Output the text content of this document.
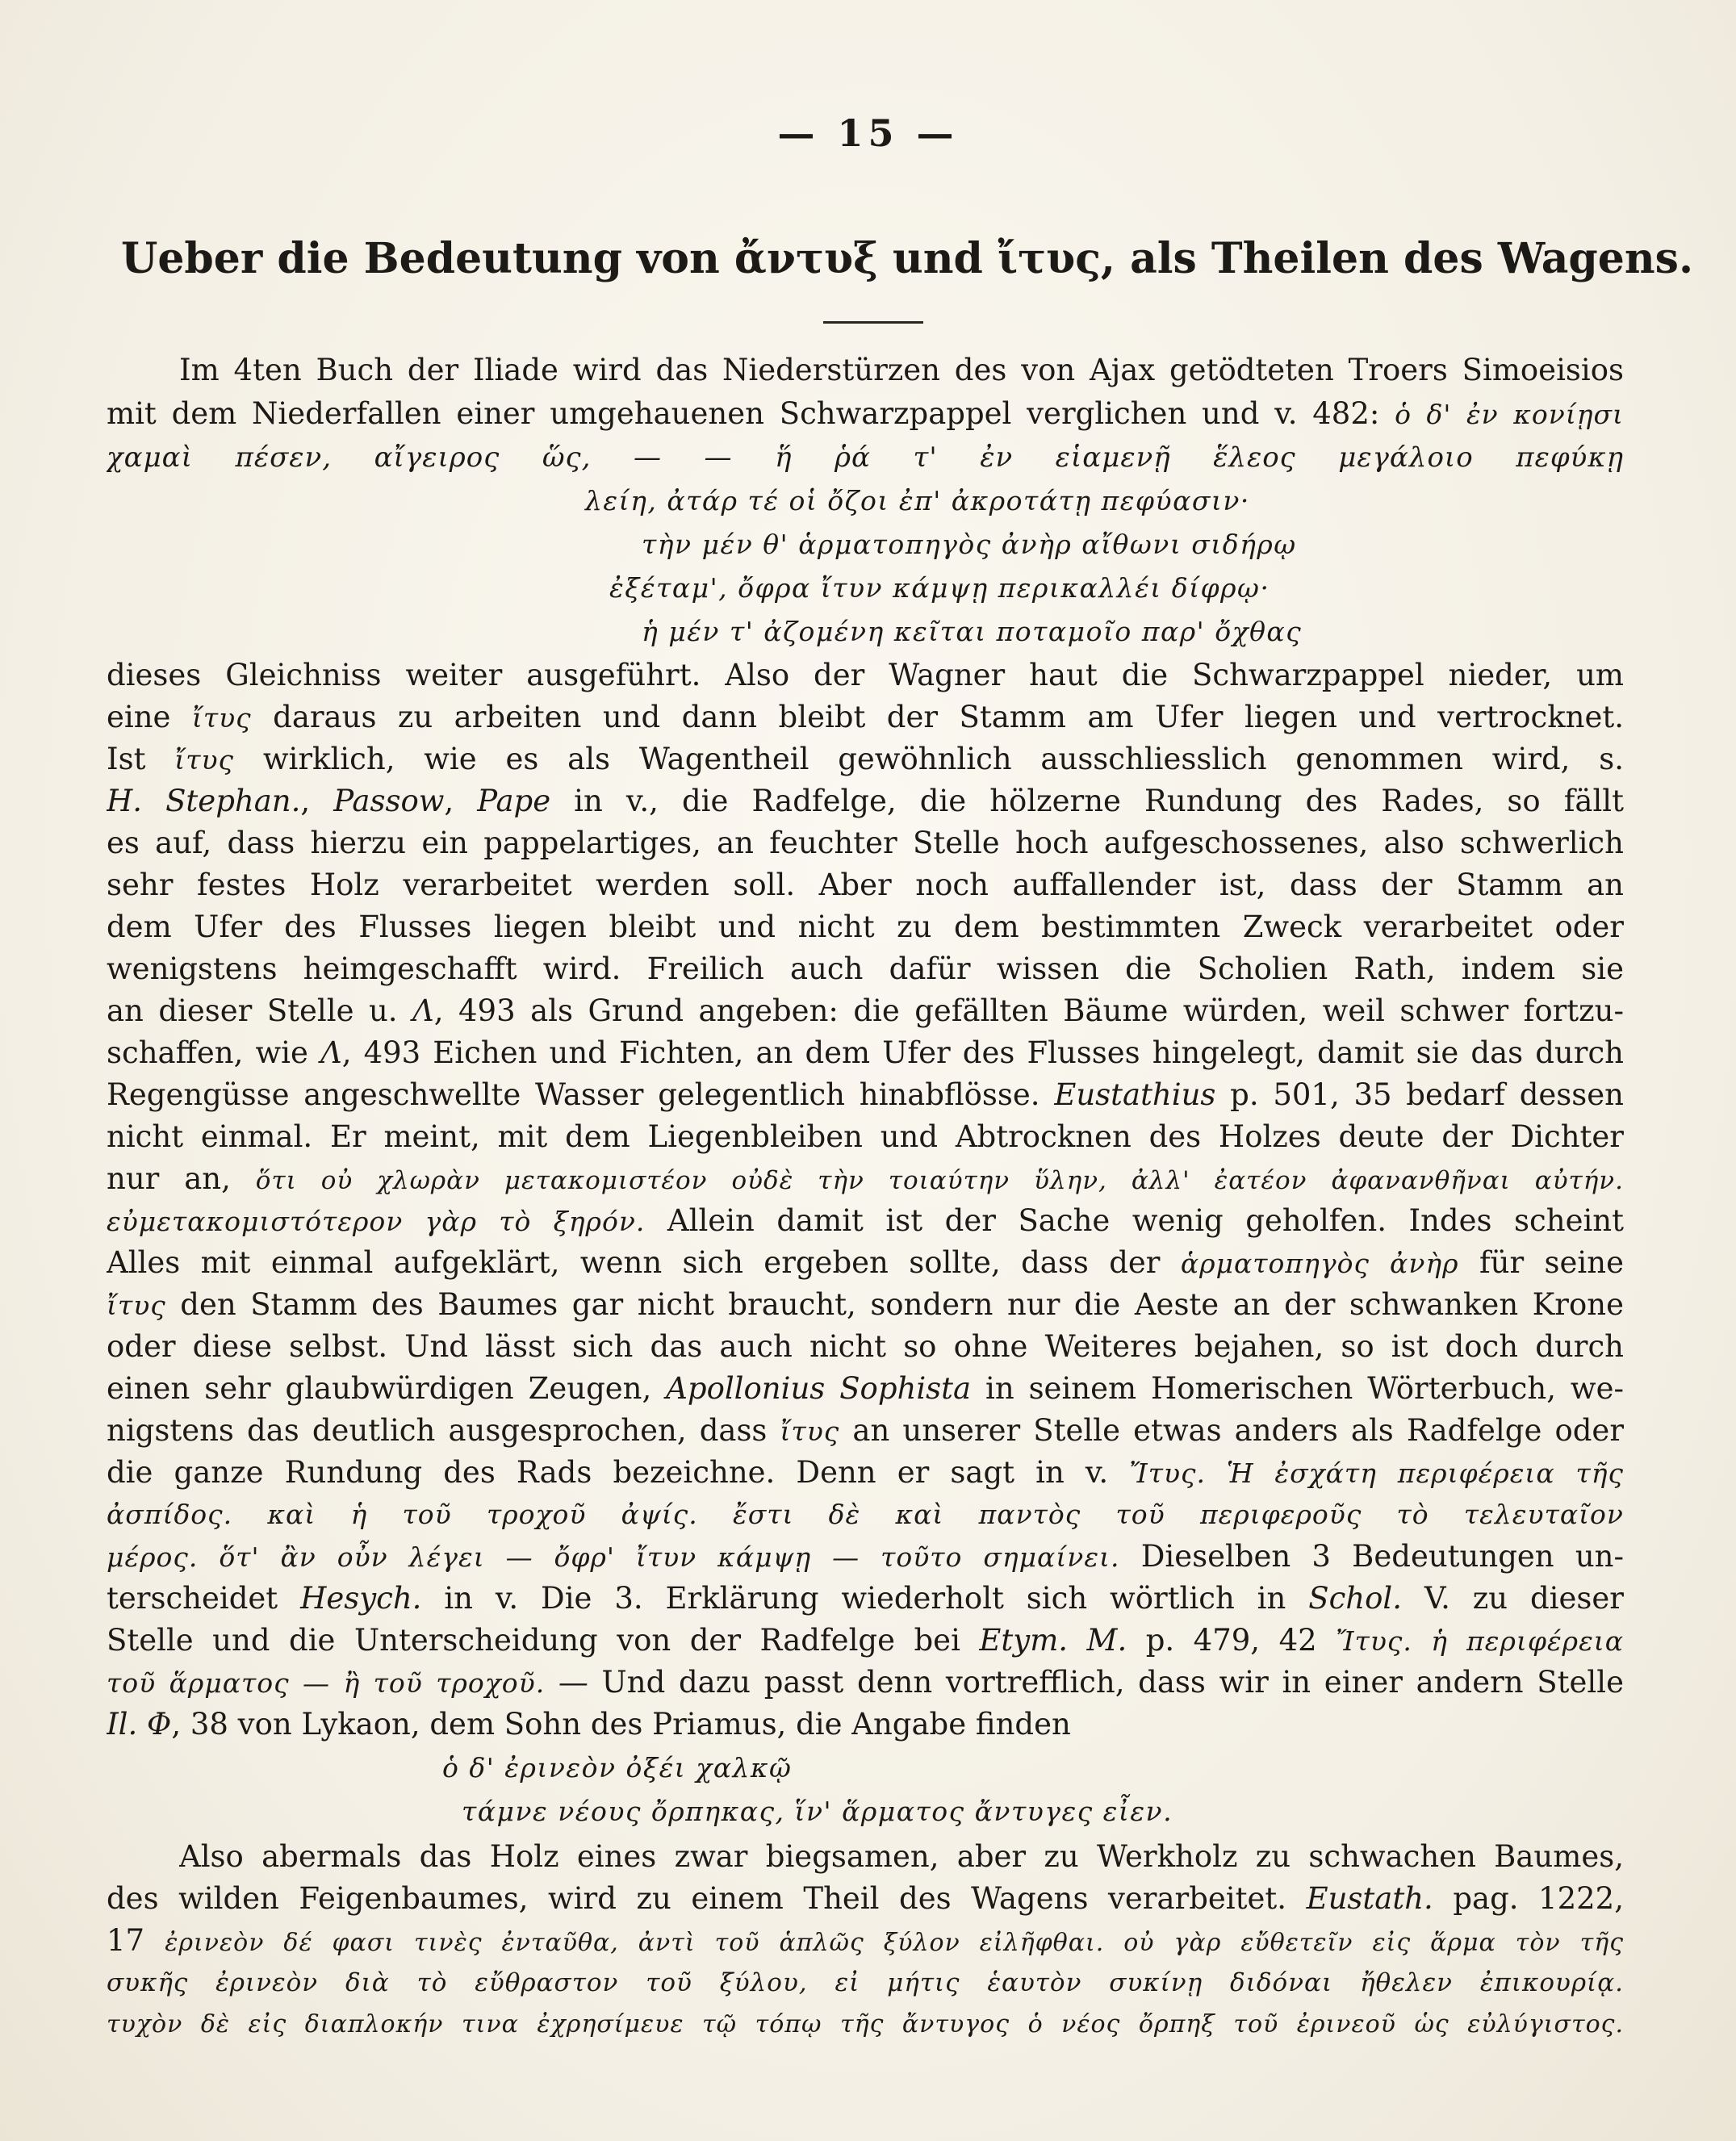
— 15 —
Ueber die Bedeutung von ἄντυξ und ἴτυς, als Theilen des Wagens.
Im 4ten Buch der Iliade wird das Niederstürzen des von Ajax getödteten Troers Simoeisios
mit dem Niederfallen einer umgehauenen Schwarzpappel verglichen und v. 482: ὁ δ' ἐν κονίῃσι
χαμαὶ πέσεν, αἴγειρος ὥς, — — ἥ ῥά τ' ἐν εἱαμενῇ ἕλεος μεγάλοιο πεφύκῃ
λείη, ἀτάρ τέ οἱ ὄζοι ἐπ' ἀκροτάτῃ πεφύασιν·
τὴν μέν θ' ἁρματοπηγὸς ἀνὴρ αἴθωνι σιδήρῳ
ἐξέταμ', ὄφρα ἴτυν κάμψῃ περικαλλέι δίφρῳ·
ἡ μέν τ' ἀζομένη κεῖται ποταμοῖο παρ' ὄχθας
dieses Gleichniss weiter ausgeführt. Also der Wagner haut die Schwarzpappel nieder, um
eine ἴτυς daraus zu arbeiten und dann bleibt der Stamm am Ufer liegen und vertrocknet.
Ist ἴτυς wirklich, wie es als Wagentheil gewöhnlich ausschliesslich genommen wird, s.
H. Stephan., Passow, Pape in v., die Radfelge, die hölzerne Rundung des Rades, so fällt
es auf, dass hierzu ein pappelartiges, an feuchter Stelle hoch aufgeschossenes, also schwerlich
sehr festes Holz verarbeitet werden soll. Aber noch auffallender ist, dass der Stamm an
dem Ufer des Flusses liegen bleibt und nicht zu dem bestimmten Zweck verarbeitet oder
wenigstens heimgeschafft wird. Freilich auch dafür wissen die Scholien Rath, indem sie
an dieser Stelle u. Λ, 493 als Grund angeben: die gefällten Bäume würden, weil schwer fortzu-
schaffen, wie Λ, 493 Eichen und Fichten, an dem Ufer des Flusses hingelegt, damit sie das durch
Regengüsse angeschwellte Wasser gelegentlich hinabflösse. Eustathius p. 501, 35 bedarf dessen
nicht einmal. Er meint, mit dem Liegenbleiben und Abtrocknen des Holzes deute der Dichter
nur an, ὅτι οὐ χλωρὰν μετακομιστέον οὐδὲ τὴν τοιαύτην ὕλην, ἀλλ' ἐατέον ἀφανανθῆναι αὐτήν.
εὐμετακομιστότερον γὰρ τὸ ξηρόν. Allein damit ist der Sache wenig geholfen. Indes scheint
Alles mit einmal aufgeklärt, wenn sich ergeben sollte, dass der ἁρματοπηγὸς ἀνὴρ für seine
ἴτυς den Stamm des Baumes gar nicht braucht, sondern nur die Aeste an der schwanken Krone
oder diese selbst. Und lässt sich das auch nicht so ohne Weiteres bejahen, so ist doch durch
einen sehr glaubwürdigen Zeugen, Apollonius Sophista in seinem Homerischen Wörterbuch, we-
nigstens das deutlich ausgesprochen, dass ἴτυς an unserer Stelle etwas anders als Radfelge oder
die ganze Rundung des Rads bezeichne. Denn er sagt in v. Ἴτυς. Ἡ ἐσχάτη περιφέρεια τῆς
ἀσπίδος. καὶ ἡ τοῦ τροχοῦ ἀψίς. ἔστι δὲ καὶ παντὸς τοῦ περιφεροῦς τὸ τελευταῖον
μέρος. ὅτ' ἂν οὖν λέγει — ὄφρ' ἴτυν κάμψῃ — τοῦτο σημαίνει. Dieselben 3 Bedeutungen un-
terscheidet Hesych. in v. Die 3. Erklärung wiederholt sich wörtlich in Schol. V. zu dieser
Stelle und die Unterscheidung von der Radfelge bei Etym. M. p. 479, 42 Ἴτυς. ἡ περιφέρεια
τοῦ ἅρματος — ἢ τοῦ τροχοῦ. — Und dazu passt denn vortrefflich, dass wir in einer andern Stelle
Il. Φ, 38 von Lykaon, dem Sohn des Priamus, die Angabe finden
ὁ δ' ἐρινεὸν ὀξέι χαλκῷ
τάμνε νέους ὄρπηκας, ἵν' ἅρματος ἄντυγες εἶεν.
Also abermals das Holz eines zwar biegsamen, aber zu Werkholz zu schwachen Baumes,
des wilden Feigenbaumes, wird zu einem Theil des Wagens verarbeitet. Eustath. pag. 1222,
17 ἐρινεὸν δέ φασι τινὲς ἐνταῦθα, ἀντὶ τοῦ ἁπλῶς ξύλον εἰλῆφθαι. οὐ γὰρ εὔθετεῖν εἰς ἅρμα τὸν τῆς
συκῆς ἐρινεὸν διὰ τὸ εὔθραστον τοῦ ξύλου, εἰ μήτις ἑαυτὸν συκίνῃ διδόναι ἤθελεν ἐπικουρίᾳ.
τυχὸν δὲ εἰς διαπλοκήν τινα ἐχρησίμευε τῷ τόπῳ τῆς ἄντυγος ὁ νέος ὄρπηξ τοῦ ἐρινεοῦ ὡς εὐλύγιστος.
